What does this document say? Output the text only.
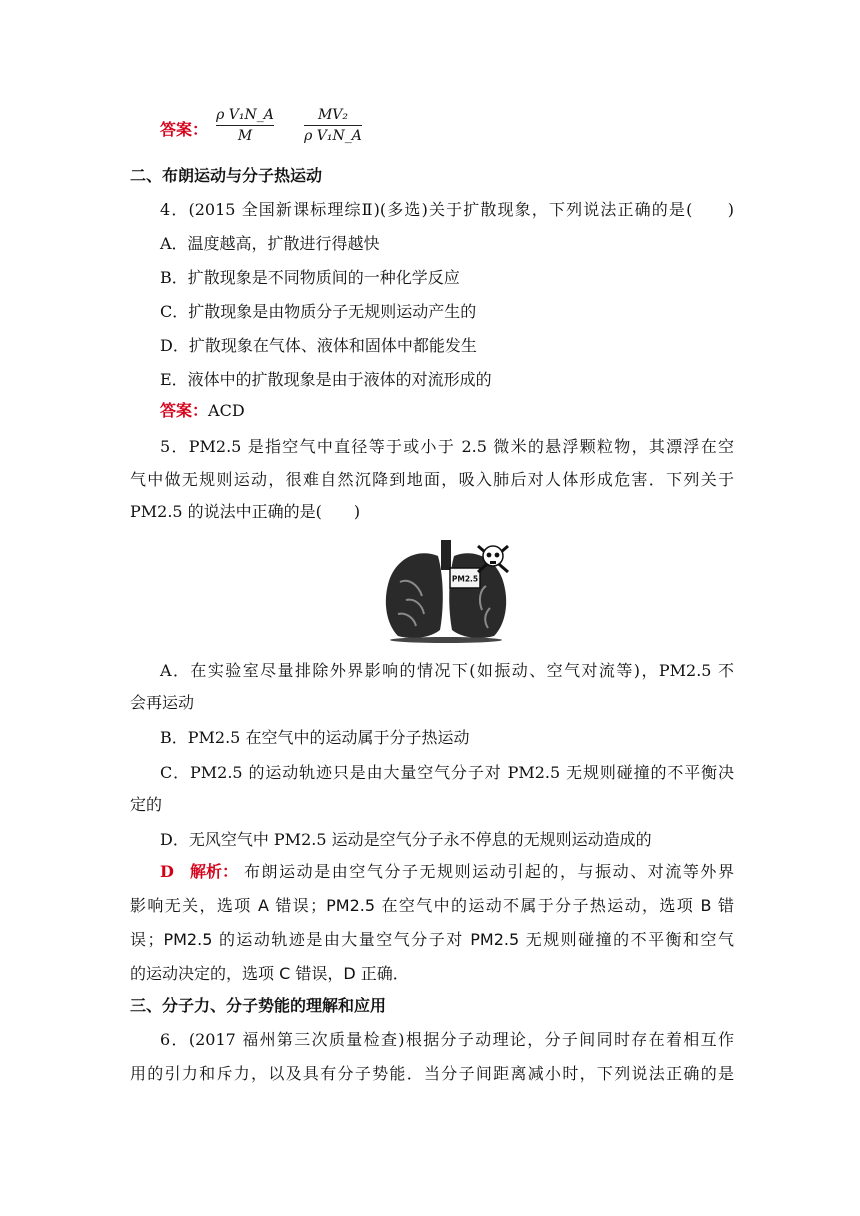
答案：
ρ V₁N_A
M
MV₂
ρ V₁N_A
二、布朗运动与分子热运动
4．(2015 全国新课标理综Ⅱ)(多选)关于扩散现象，下列说法正确的是(　　)
A．温度越高，扩散进行得越快
B．扩散现象是不同物质间的一种化学反应
C．扩散现象是由物质分子无规则运动产生的
D．扩散现象在气体、液体和固体中都能发生
E．液体中的扩散现象是由于液体的对流形成的
答案：ACD
5．PM2.5 是指空气中直径等于或小于 2.5 微米的悬浮颗粒物，其漂浮在空
气中做无规则运动，很难自然沉降到地面，吸入肺后对人体形成危害．下列关于
PM2.5 的说法中正确的是(　　)
PM2.5
A．在实验室尽量排除外界影响的情况下(如振动、空气对流等)，PM2.5 不
会再运动
B．PM2.5 在空气中的运动属于分子热运动
C．PM2.5 的运动轨迹只是由大量空气分子对 PM2.5 无规则碰撞的不平衡决
定的
D．无风空气中 PM2.5 运动是空气分子永不停息的无规则运动造成的
D	解析： 布朗运动是由空气分子无规则运动引起的，与振动、对流等外界
影响无关，选项 A 错误；PM2.5 在空气中的运动不属于分子热运动，选项 B 错
误；PM2.5 的运动轨迹是由大量空气分子对 PM2.5 无规则碰撞的不平衡和空气
的运动决定的，选项 C 错误，D 正确．
三、分子力、分子势能的理解和应用
6．(2017 福州第三次质量检查)根据分子动理论，分子间同时存在着相互作
用的引力和斥力，以及具有分子势能．当分子间距离减小时，下列说法正确的是
